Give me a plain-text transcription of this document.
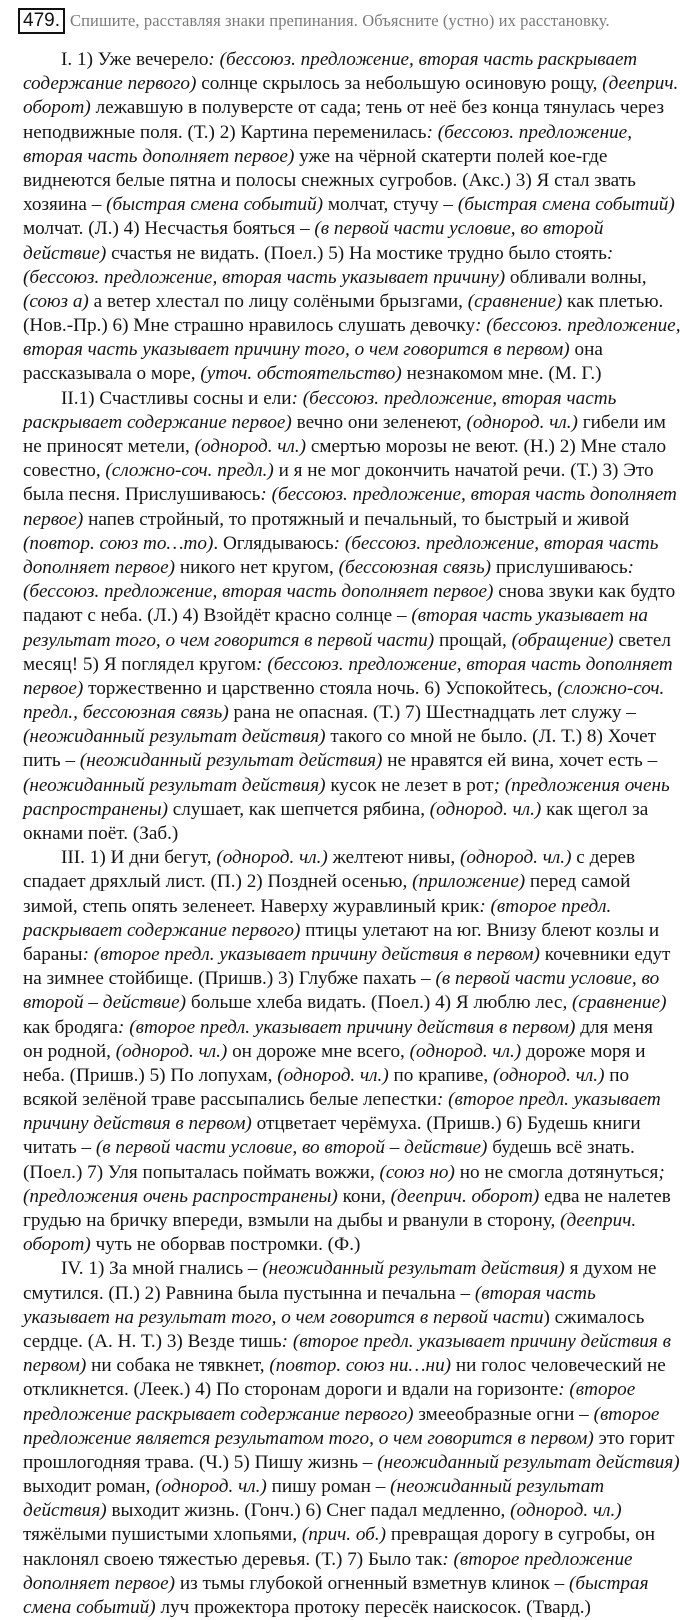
479. Спишите, расставляя знаки препинания. Объясните (устно) их расстановку.
I. 1) Уже вечерело: (бессоюз. предложение, вторая часть раскрывает
содержание первого) солнце скрылось за небольшую осиновую рощу, (дееприч.
оборот) лежавшую в полуверсте от сада; тень от неё без конца тянулась через
неподвижные поля. (Т.) 2) Картина переменилась: (бессоюз. предложение,
вторая часть дополняет первое) уже на чёрной скатерти полей кое-где
виднеются белые пятна и полосы снежных сугробов. (Акс.) 3) Я стал звать
хозяина – (быстрая смена событий) молчат, стучу – (быстрая смена событий)
молчат. (Л.) 4) Несчастья бояться – (в первой части условие, во второй
действие) счастья не видать. (Поел.) 5) На мостике трудно было стоять:
(бессоюз. предложение, вторая часть указывает причину) обливали волны,
(союз а) а ветер хлестал по лицу солёными брызгами, (сравнение) как плетью.
(Нов.-Пр.) 6) Мне страшно нравилось слушать девочку: (бессоюз. предложение,
вторая часть указывает причину того, о чем говорится в первом) она
рассказывала о море, (уточ. обстоятельство) незнакомом мне. (М. Г.)
II.1) Счастливы сосны и ели: (бессоюз. предложение, вторая часть
раскрывает содержание первое) вечно они зеленеют, (однород. чл.) гибели им
не приносят метели, (однород. чл.) смертью морозы не веют. (Н.) 2) Мне стало
совестно, (сложно-соч. предл.) и я не мог докончить начатой речи. (Т.) 3) Это
была песня. Прислушиваюсь: (бессоюз. предложение, вторая часть дополняет
первое) напев стройный, то протяжный и печальный, то быстрый и живой
(повтор. союз то…то). Оглядываюсь: (бессоюз. предложение, вторая часть
дополняет первое) никого нет кругом, (бессоюзная связь) прислушиваюсь:
(бессоюз. предложение, вторая часть дополняет первое) снова звуки как будто
падают с неба. (Л.) 4) Взойдёт красно солнце – (вторая часть указывает на
результат того, о чем говорится в первой части) прощай, (обращение) светел
месяц! 5) Я поглядел кругом: (бессоюз. предложение, вторая часть дополняет
первое) торжественно и царственно стояла ночь. 6) Успокойтесь, (сложно-соч.
предл., бессоюзная связь) рана не опасная. (Т.) 7) Шестнадцать лет служу –
(неожиданный результат действия) такого со мной не было. (Л. Т.) 8) Хочет
пить – (неожиданный результат действия) не нравятся ей вина, хочет есть –
(неожиданный результат действия) кусок не лезет в рот; (предложения очень
распространены) слушает, как шепчется рябина, (однород. чл.) как щегол за
окнами поёт. (Заб.)
III. 1) И дни бегут, (однород. чл.) желтеют нивы, (однород. чл.) с дерев
спадает дряхлый лист. (П.) 2) Поздней осенью, (приложение) перед самой
зимой, степь опять зеленеет. Наверху журавлиный крик: (второе предл.
раскрывает содержание первого) птицы улетают на юг. Внизу блеют козлы и
бараны: (второе предл. указывает причину действия в первом) кочевники едут
на зимнее стойбище. (Пришв.) 3) Глубже пахать – (в первой части условие, во
второй – действие) больше хлеба видать. (Поел.) 4) Я люблю лес, (сравнение)
как бродяга: (второе предл. указывает причину действия в первом) для меня
он родной, (однород. чл.) он дороже мне всего, (однород. чл.) дороже моря и
неба. (Пришв.) 5) По лопухам, (однород. чл.) по крапиве, (однород. чл.) по
всякой зелёной траве рассыпались белые лепестки: (второе предл. указывает
причину действия в первом) отцветает черёмуха. (Пришв.) 6) Будешь книги
читать – (в первой части условие, во второй – действие) будешь всё знать.
(Поел.) 7) Уля попыталась поймать вожжи, (союз но) но не смогла дотянуться;
(предложения очень распространены) кони, (дееприч. оборот) едва не налетев
грудью на бричку впереди, взмыли на дыбы и рванули в сторону, (дееприч.
оборот) чуть не оборвав постромки. (Ф.)
IV. 1) За мной гнались – (неожиданный результат действия) я духом не
смутился. (П.) 2) Равнина была пустынна и печальна – (вторая часть
указывает на результат того, о чем говорится в первой части) сжималось
сердце. (А. Н. Т.) 3) Везде тишь: (второе предл. указывает причину действия в
первом) ни собака не тявкнет, (повтор. союз ни…ни) ни голос человеческий не
откликнется. (Леек.) 4) По сторонам дороги и вдали на горизонте: (второе
предложение раскрывает содержание первого) змееобразные огни – (второе
предложение является результатом того, о чем говорится в первом) это горит
прошлогодняя трава. (Ч.) 5) Пишу жизнь – (неожиданный результат действия)
выходит роман, (однород. чл.) пишу роман – (неожиданный результат
действия) выходит жизнь. (Гонч.) 6) Снег падал медленно, (однород. чл.)
тяжёлыми пушистыми хлопьями, (прич. об.) превращая дорогу в сугробы, он
наклонял своею тяжестью деревья. (Т.) 7) Было так: (второе предложение
дополняет первое) из тьмы глубокой огненный взметнув клинок – (быстрая
смена событий) луч прожектора протоку пересёк наискосок. (Твард.)
